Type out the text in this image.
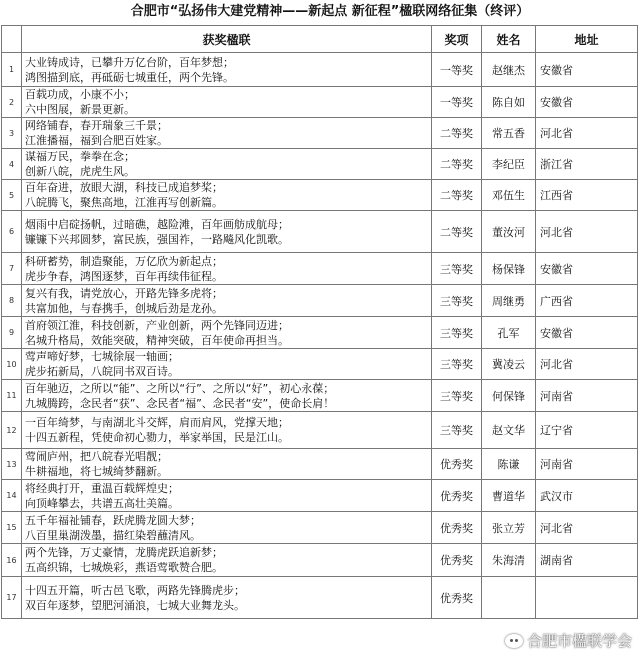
合肥市“弘扬伟大建党精神——新起点 新征程”楹联网络征集（终评）
	获奖楹联	奖项	姓名	地址
1	大业铸成诗，已攀升万亿台阶，百年梦想；
鸿图描到底，再砥砺七城重任，两个先锋。	一等奖	赵继杰	安徽省
2	百载功成，小康不小；
六中图展，新景更新。	一等奖	陈自如	安徽省
3	网络铺春，春开瑞象三千景；
江淮播福，福到合肥百姓家。	二等奖	常五香	河北省
4	谋福万民，拳拳在念；
创新八皖，虎虎生风。	二等奖	李纪臣	浙江省
5	百年奋进，放眼大湖，科技已成追梦桨；
八皖腾飞，聚焦高地，江淮再写创新篇。	二等奖	邓伍生	江西省
6	烟雨中启碇扬帆，过暗礁，越险滩，百年画舫成航母；
镰镰下兴邦圆梦，富民族，强国祚，一路飚风化凯歌。	二等奖	董汝河	河北省
7	科研蓄势，制造聚能，万亿欣为新起点；
虎步争春，鸿图逐梦，百年再续伟征程。	三等奖	杨保锋	安徽省
8	复兴有我，请党放心，开路先锋多虎将；
共富加他，与春携手，创城后劲是龙孙。	三等奖	周继勇	广西省
9	首府领江淮，科技创新，产业创新，两个先锋同迈进；
名城升格局，效能突破，精神突破，百年使命再担当。	三等奖	孔军	安徽省
10	莺声啼好梦，七城徐展一轴画；
虎步拓新局，八皖同书双百诗。	三等奖	冀凌云	河北省
11	百年驰迈，之所以“能”、之所以“行”、之所以“好”，初心永葆；
九城腾跨，念民者“获”、念民者“福”、念民者“安”，使命长肩！	三等奖	何保锋	河南省
12	一百年绮梦，与南湖北斗交辉，肩而肩风，党撑天地；
十四五新程，凭使命初心勠力，举家举国，民是江山。	三等奖	赵文华	辽宁省
13	莺闹庐州，把八皖春光唱靓；
牛耕福地，将七城绮梦翻新。	优秀奖	陈谦	河南省
14	将经典打开，重温百载辉煌史；
向顶峰攀去，共谱五高壮美篇。	优秀奖	曹道华	武汉市
15	五千年福祉铺春，跃虎腾龙圆大梦；
八百里巢湖泼墨，描红染碧蘸清风。	优秀奖	张立芳	河北省
16	两个先锋，万丈豪情，龙腾虎跃追新梦；
五高织锦，七城焕彩，燕语莺歌赞合肥。	优秀奖	朱海清	湖南省
17	十四五开篇，听古邑飞歌，两路先锋腾虎步；
双百年逐梦，望肥河涌浪，七城大业舞龙头。	优秀奖		
合肥市楹联学会
